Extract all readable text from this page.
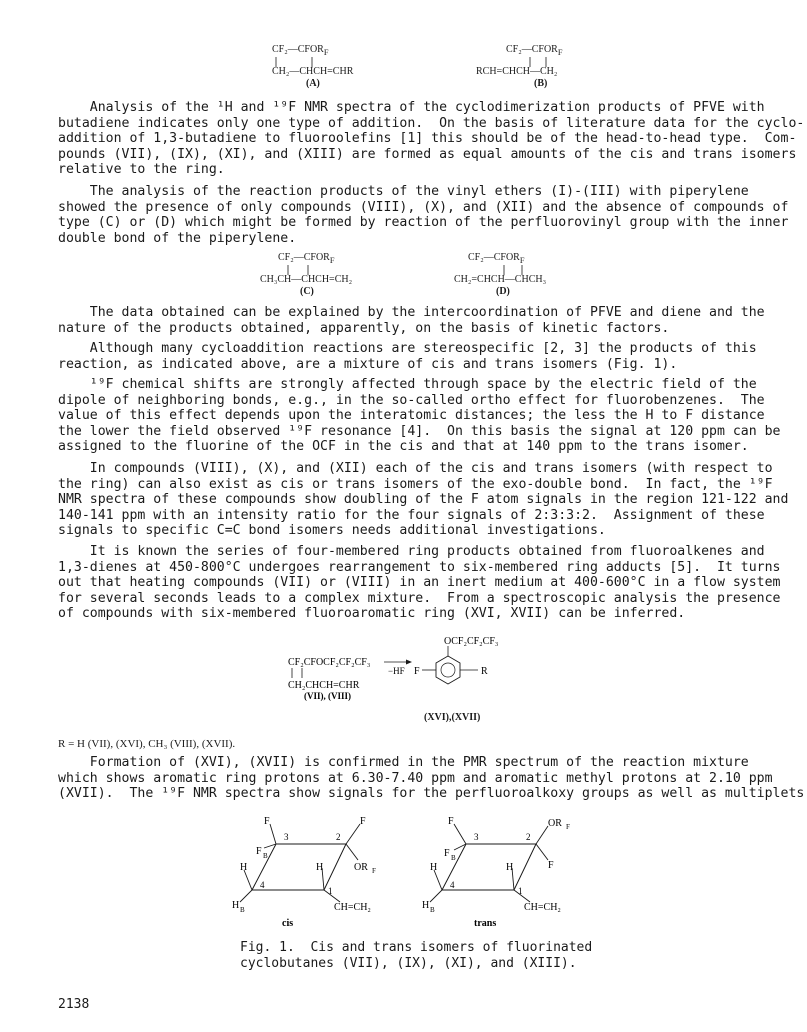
$CF_2—CFOR_F$
CH₂—CHCH=CHR
(A)
$CF_2—CFOR_F$
RCH=CHCH—CH₂
(B)
Analysis of the ¹H and ¹⁹F NMR spectra of the cyclodimerization products of PFVE with
butadiene indicates only one type of addition.  On the basis of literature data for the cyclo-
addition of 1,3-butadiene to fluoroolefins [1] this should be of the head-to-head type.  Com-
pounds (VII), (IX), (XI), and (XIII) are formed as equal amounts of the cis and trans isomers
relative to the ring.
The analysis of the reaction products of the vinyl ethers (I)-(III) with piperylene
showed the presence of only compounds (VIII), (X), and (XII) and the absence of compounds of
type (C) or (D) which might be formed by reaction of the perfluorovinyl group with the inner
double bond of the piperylene.
$CF_2—CFOR_F$
CH₃CH—CHCH=CH₂
(C)
$CF_2—CFOR_F$
CH₂=CHCH—CHCH₃
(D)
The data obtained can be explained by the intercoordination of PFVE and diene and the
nature of the products obtained, apparently, on the basis of kinetic factors.
Although many cycloaddition reactions are stereospecific [2, 3] the products of this
reaction, as indicated above, are a mixture of cis and trans isomers (Fig. 1).
¹⁹F chemical shifts are strongly affected through space by the electric field of the
dipole of neighboring bonds, e.g., in the so-called ortho effect for fluorobenzenes.  The
value of this effect depends upon the interatomic distances; the less the H to F distance
the lower the field observed ¹⁹F resonance [4].  On this basis the signal at 120 ppm can be
assigned to the fluorine of the OCF in the cis and that at 140 ppm to the trans isomer.
In compounds (VIII), (X), and (XII) each of the cis and trans isomers (with respect to
the ring) can also exist as cis or trans isomers of the exo-double bond.  In fact, the ¹⁹F
NMR spectra of these compounds show doubling of the F atom signals in the region 121-122 and
140-141 ppm with an intensity ratio for the four signals of 2:3:3:2.  Assignment of these
signals to specific C=C bond isomers needs additional investigations.
It is known the series of four-membered ring products obtained from fluoroalkenes and
1,3-dienes at 450-800°C undergoes rearrangement to six-membered ring adducts [5].  It turns
out that heating compounds (VII) or (VIII) in an inert medium at 400-600°C in a flow system
for several seconds leads to a complex mixture.  From a spectroscopic analysis the presence
of compounds with six-membered fluoroaromatic ring (XVI, XVII) can be inferred.
CF₂CFOCF₂CF₂CF₃
CH₂CHCH=CHR
(VII), (VIII)
−HF
OCF₂CF₂CF₃
F	R
(XVI),(XVII)
R = H (VII), (XVI), CH₃ (VIII), (XVII).
Formation of (XVI), (XVII) is confirmed in the PMR spectrum of the reaction mixture
which shows aromatic ring protons at 6.30-7.40 ppm and aromatic methyl protons at 2.10 ppm
(XVII).  The ¹⁹F NMR spectra show signals for the perfluoroalkoxy groups as well as multiplets
F
3
F B
2
F
OR F
H
4
H B
H
1
CH=CH₂
cis
F
3
F B
2
OR F
F
H
4
H B
H
1
CH=CH₂
trans
Fig. 1.  Cis and trans isomers of fluorinated
cyclobutanes (VII), (IX), (XI), and (XIII).
2138
